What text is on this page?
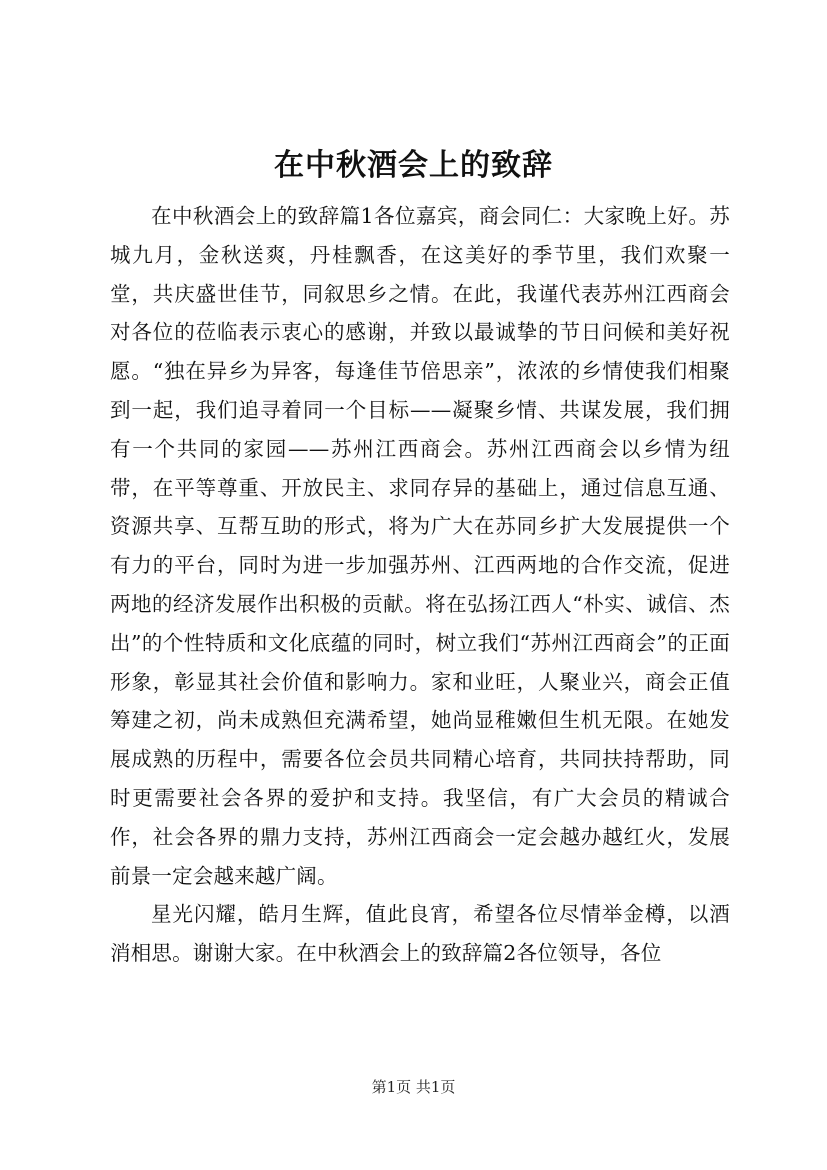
在中秋酒会上的致辞

在中秋酒会上的致辞篇1各位嘉宾，商会同仁：大家晚上好。苏城九月，金秋送爽，丹桂飘香，在这美好的季节里，我们欢聚一堂，共庆盛世佳节，同叙思乡之情。在此，我谨代表苏州江西商会对各位的莅临表示衷心的感谢，并致以最诚挚的节日问候和美好祝愿。“独在异乡为异客，每逢佳节倍思亲”，浓浓的乡情使我们相聚到一起，我们追寻着同一个目标——凝聚乡情、共谋发展，我们拥有一个共同的家园——苏州江西商会。苏州江西商会以乡情为纽带，在平等尊重、开放民主、求同存异的基础上，通过信息互通、资源共享、互帮互助的形式，将为广大在苏同乡扩大发展提供一个有力的平台，同时为进一步加强苏州、江西两地的合作交流，促进两地的经济发展作出积极的贡献。将在弘扬江西人“朴实、诚信、杰出”的个性特质和文化底蕴的同时，树立我们“苏州江西商会”的正面形象，彰显其社会价值和影响力。家和业旺，人聚业兴，商会正值筹建之初，尚未成熟但充满希望，她尚显稚嫩但生机无限。在她发展成熟的历程中，需要各位会员共同精心培育，共同扶持帮助，同时更需要社会各界的爱护和支持。我坚信，有广大会员的精诚合作，社会各界的鼎力支持，苏州江西商会一定会越办越红火，发展前景一定会越来越广阔。

星光闪耀，皓月生辉，值此良宵，希望各位尽情举金樽，以酒消相思。谢谢大家。在中秋酒会上的致辞篇2各位领导，各位

第1页 共1页
